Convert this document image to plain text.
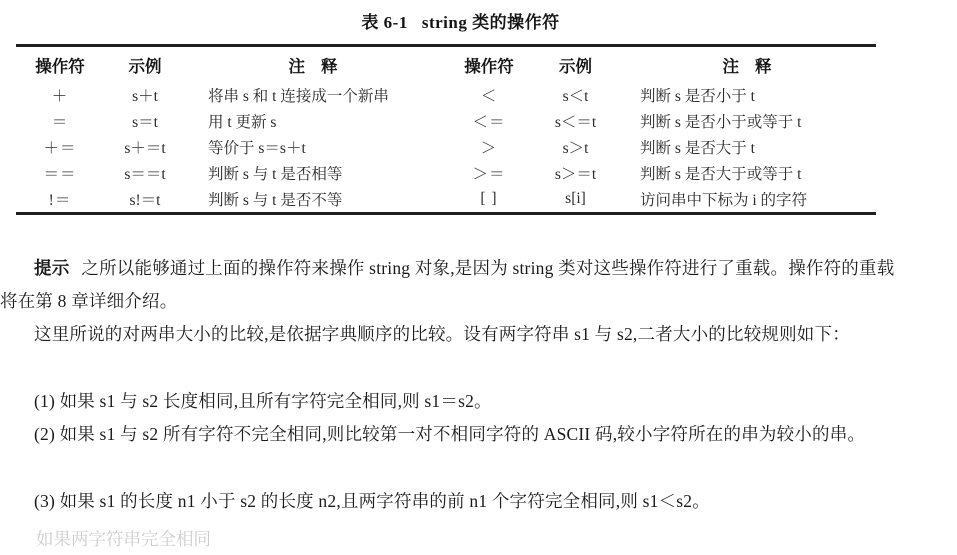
表 6-1 string 类的操作符
操作符	示例	注 释		操作符	示例	注 释
＋	s＋t	将串 s 和 t 连接成一个新串		＜	s＜t	判断 s 是否小于 t
＝	s＝t	用 t 更新 s		＜＝	s＜＝t	判断 s 是否小于或等于 t
＋＝	s＋＝t	等价于 s＝s＋t		＞	s＞t	判断 s 是否大于 t
＝＝	s＝＝t	判断 s 与 t 是否相等		＞＝	s＞＝t	判断 s 是否大于或等于 t
!＝	s!＝t	判断 s 与 t 是否不等		[ ]	s[i]	访问串中下标为 i 的字符
提示 之所以能够通过上面的操作符来操作 string 对象,是因为 string 类对这些操作符进行了重载。操作符的重载将在第 8 章详细介绍。
这里所说的对两串大小的比较,是依据字典顺序的比较。设有两字符串 s1 与 s2,二者大小的比较规则如下：
(1) 如果 s1 与 s2 长度相同,且所有字符完全相同,则 s1＝s2。
(2) 如果 s1 与 s2 所有字符不完全相同,则比较第一对不相同字符的 ASCII 码,较小字符所在的串为较小的串。
(3) 如果 s1 的长度 n1 小于 s2 的长度 n2,且两字符串的前 n1 个字符完全相同,则 s1＜s2。
如果两字符串完全相同
